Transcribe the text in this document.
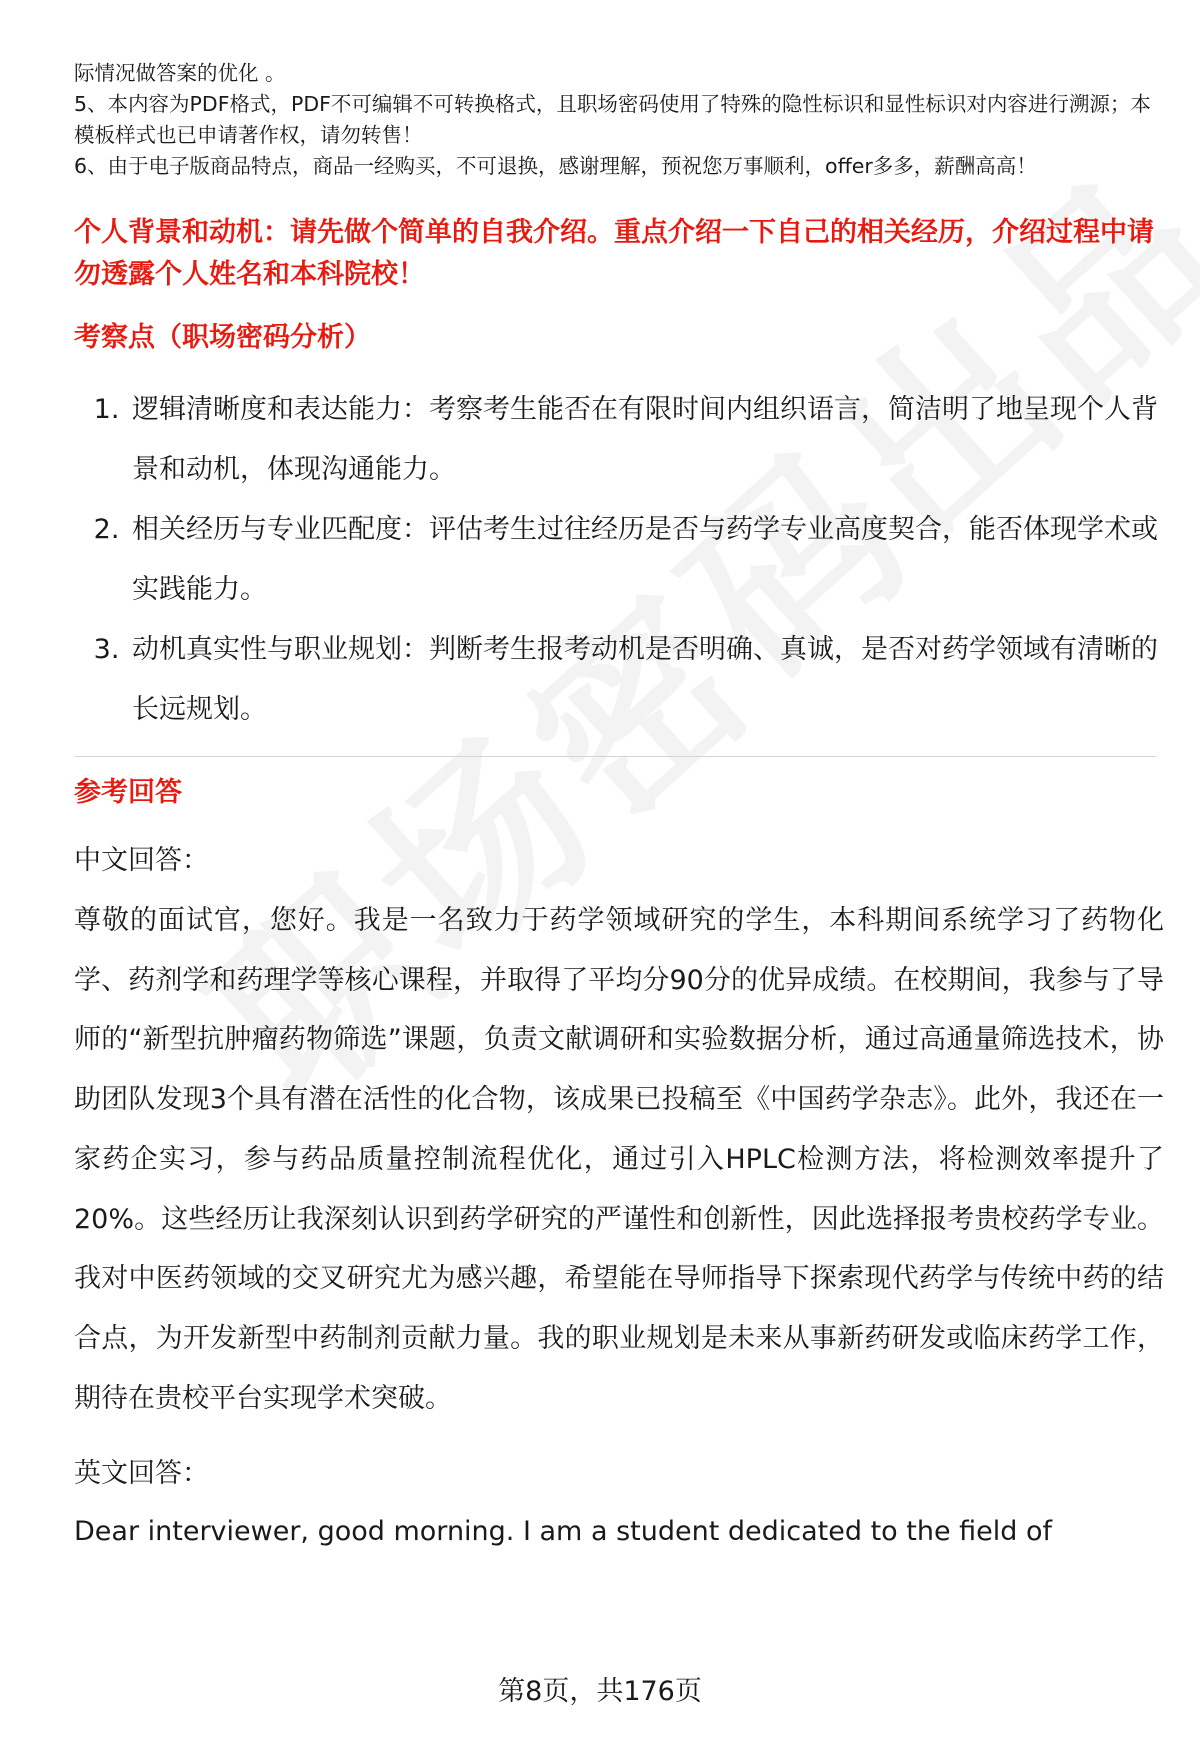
际情况做答案的优化 。

5、本内容为PDF格式，PDF不可编辑不可转换格式，且职场密码使用了特殊的隐性标识和显性标识对内容进行溯源；本模板样式也已申请著作权，请勿转售！

6、由于电子版商品特点，商品一经购买，不可退换，感谢理解，预祝您万事顺利，offer多多，薪酬高高！

个人背景和动机：请先做个简单的自我介绍。重点介绍一下自己的相关经历，介绍过程中请勿透露个人姓名和本科院校！
考察点（职场密码分析）
1. 逻辑清晰度和表达能力：考察考生能否在有限时间内组织语言，简洁明了地呈现个人背景和动机，体现沟通能力。
2. 相关经历与专业匹配度：评估考生过往经历是否与药学专业高度契合，能否体现学术或实践能力。
3. 动机真实性与职业规划：判断考生报考动机是否明确、真诚，是否对药学领域有清晰的长远规划。
参考回答
中文回答：

尊敬的面试官，您好。我是一名致力于药学领域研究的学生，本科期间系统学习了药物化学、药剂学和药理学等核心课程，并取得了平均分90分的优异成绩。在校期间，我参与了导师的“新型抗肿瘤药物筛选”课题，负责文献调研和实验数据分析，通过高通量筛选技术，协助团队发现3个具有潜在活性的化合物，该成果已投稿至《中国药学杂志》。此外，我还在一家药企实习，参与药品质量控制流程优化，通过引入HPLC检测方法，将检测效率提升了20%。这些经历让我深刻认识到药学研究的严谨性和创新性，因此选择报考贵校药学专业。我对中医药领域的交叉研究尤为感兴趣，希望能在导师指导下探索现代药学与传统中药的结合点，为开发新型中药制剂贡献力量。我的职业规划是未来从事新药研发或临床药学工作，期待在贵校平台实现学术突破。

英文回答：
Dear interviewer, good morning. I am a student dedicated to the field of
第8页，共176页
